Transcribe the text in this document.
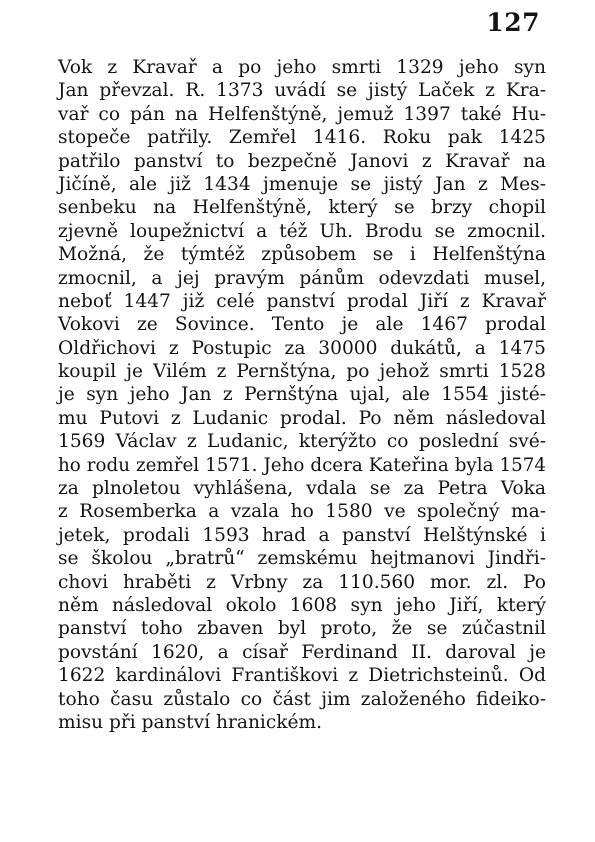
127
Vok z Kravař a po jeho smrti 1329 jeho syn
Jan převzal. R. 1373 uvádí se jistý Laček z Kra-
vař co pán na Helfenštýně, jemuž 1397 také Hu-
stopeče patřily. Zemřel 1416. Roku pak 1425
patřilo panství to bezpečně Janovi z Kravař na
Jičíně, ale již 1434 jmenuje se jistý Jan z Mes-
senbeku na Helfenštýně, který se brzy chopil
zjevně loupežnictví a též Uh. Brodu se zmocnil.
Možná, že týmtéž způsobem se i Helfenštýna
zmocnil, a jej pravým pánům odevzdati musel,
neboť 1447 již celé panství prodal Jiří z Kravař
Vokovi ze Sovince. Tento je ale 1467 prodal
Oldřichovi z Postupic za 30000 dukátů, a 1475
koupil je Vilém z Pernštýna, po jehož smrti 1528
je syn jeho Jan z Pernštýna ujal, ale 1554 jisté-
mu Putovi z Ludanic prodal. Po něm následoval
1569 Václav z Ludanic, kterýžto co poslední své-
ho rodu zemřel 1571. Jeho dcera Kateřina byla 1574
za plnoletou vyhlášena, vdala se za Petra Voka
z Rosemberka a vzala ho 1580 ve společný ma-
jetek, prodali 1593 hrad a panství Helštýnské i
se školou „bratrů“ zemskému hejtmanovi Jindři-
chovi hraběti z Vrbny za 110.560 mor. zl. Po
něm následoval okolo 1608 syn jeho Jiří, který
panství toho zbaven byl proto, že se zúčastnil
povstání 1620, a císař Ferdinand II. daroval je
1622 kardinálovi Františkovi z Dietrichsteinů. Od
toho času zůstalo co část jim založeného fideiko-
misu při panství hranickém.
